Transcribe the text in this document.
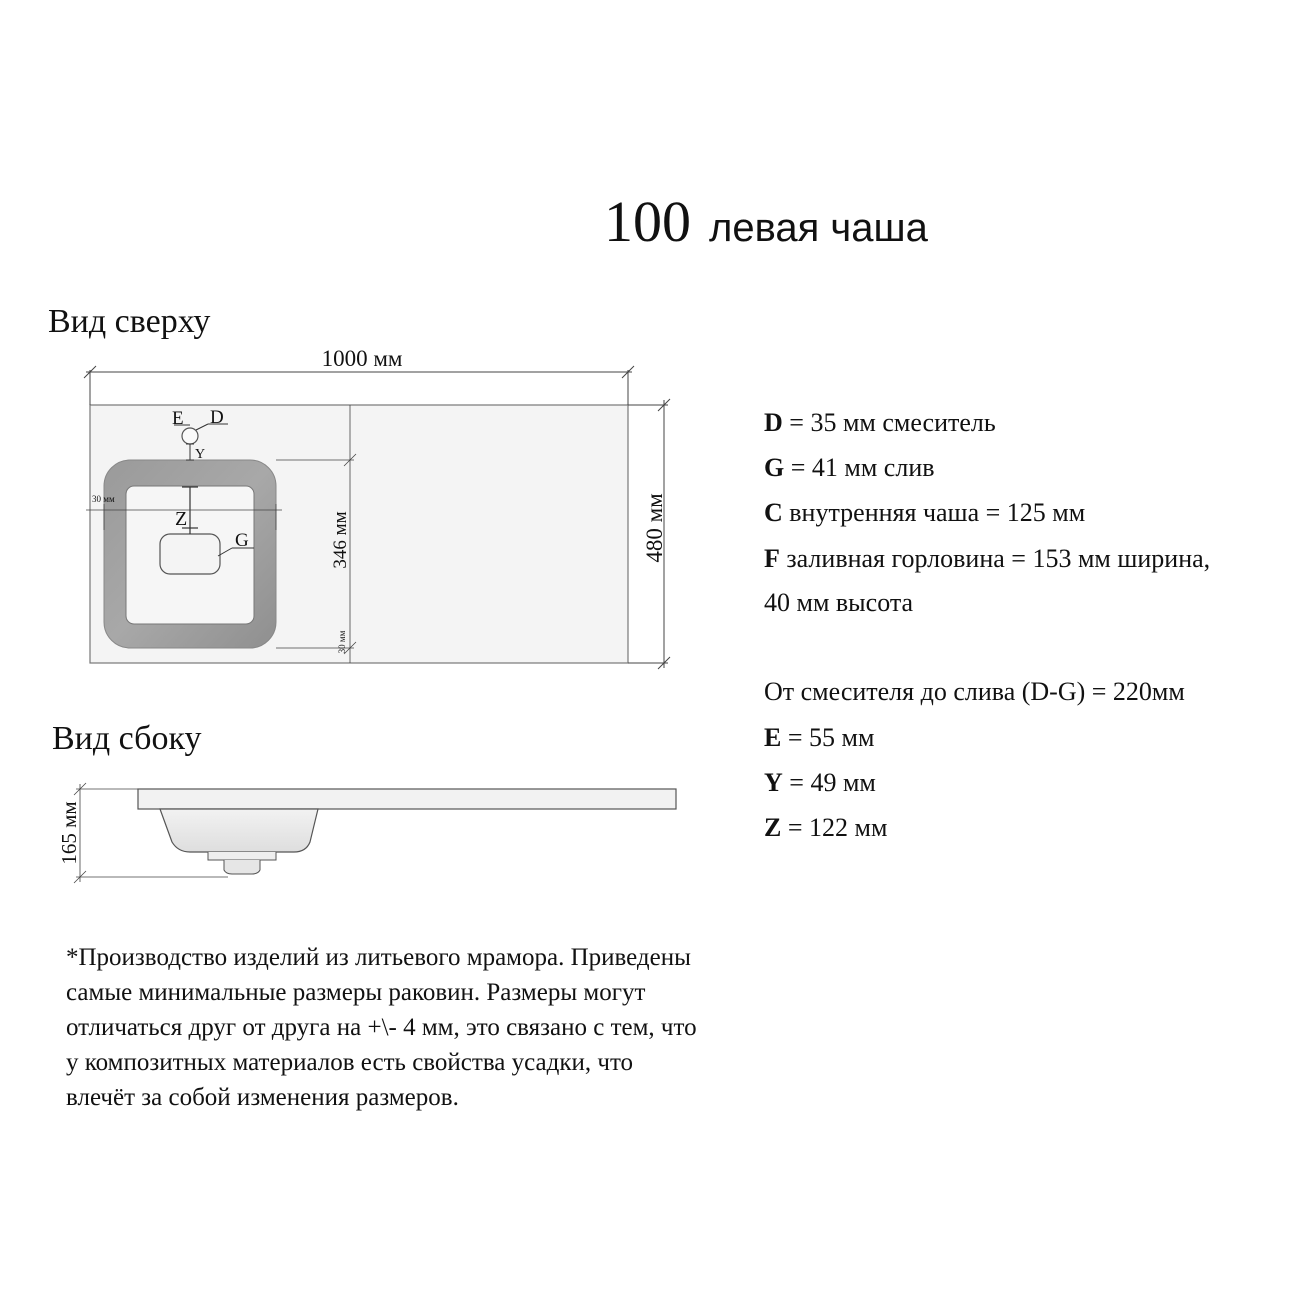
100 левая чаша
Вид сверху
Вид сбоку
1000 мм
480 мм
E D
Y
Z
G
30 мм
346 мм
30 мм
165 мм
D = 35 мм смеситель
G = 41 мм слив
C внутренняя чаша = 125 мм
F заливная горловина = 153 мм ширина,
40 мм высота
От смесителя до слива (D-G) = 220мм
E = 55 мм
Y = 49 мм
Z = 122 мм
*Производство изделий из литьевого мрамора. Приведены
самые минимальные размеры раковин. Размеры могут
отличаться друг от друга на +\- 4 мм, это связано с тем, что
у композитных материалов есть свойства усадки, что
влечёт за собой изменения размеров.
